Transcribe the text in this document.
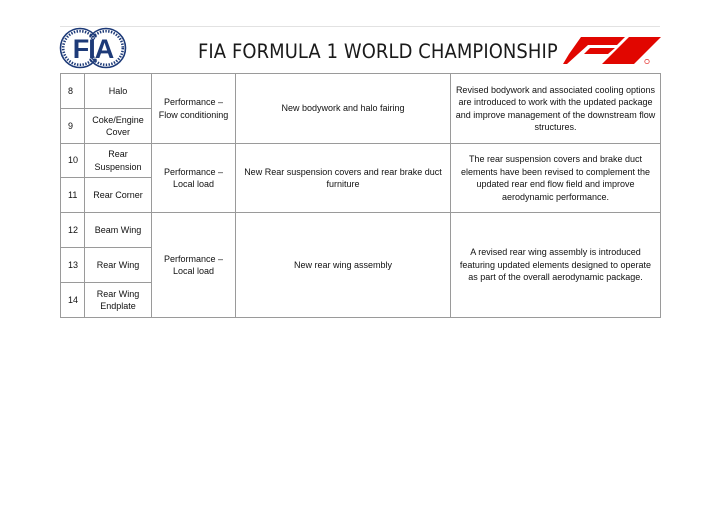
FIA	FIA FORMULA 1 WORLD CHAMPIONSHIP
8	Halo	Performance – Flow conditioning	New bodywork and halo fairing	Revised bodywork and associated cooling options are introduced to work with the updated package and improve management of the downstream flow structures.
9	Coke/Engine Cover			
10	Rear Suspension	Performance – Local load	New Rear suspension covers and rear brake duct furniture	The rear suspension covers and brake duct elements have been revised to complement the updated rear end flow field and improve aerodynamic performance.
11	Rear Corner			
12	Beam Wing	Performance – Local load	New rear wing assembly	A revised rear wing assembly is introduced featuring updated elements designed to operate as part of the overall aerodynamic package.
13	Rear Wing			
14	Rear Wing Endplate			
